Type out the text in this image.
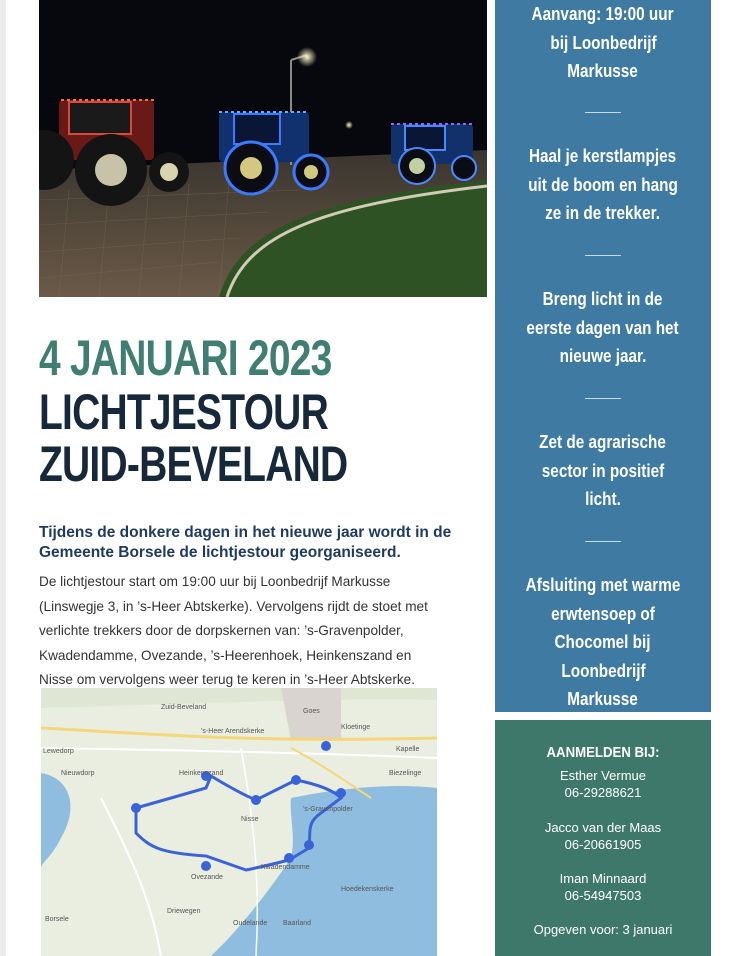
4 JANUARI 2023
LICHTJESTOUR
ZUID-BEVELAND
Tijdens de donkere dagen in het nieuwe jaar wordt in de Gemeente Borsele de lichtjestour georganiseerd.
De lichtjestour start om 19:00 uur bij Loonbedrijf Markusse
(Linswegje 3, in ’s-Heer Abtskerke). Vervolgens rijdt de stoet met
verlichte trekkers door de dorpskernen van: ’s-Gravenpolder,
Kwadendamme, Ovezande, ’s-Heerenhoek, Heinkenszand en
Nisse om vervolgens weer terug te keren in ’s-Heer Abtskerke.
Zuid-Beveland
Nieuwdorp	Heinkenszand
Nisse
Borsele
Ovezande
Kwadendamme
’s-Gravenpolder
Goes
Kapelle
Biezelinge
Driewegen
Oudelande Baarland
Hoedekenskerke
Kloetinge
’s-Heer Arendskerke
Lewedorp
Aanvang: 19:00 uur
bij Loonbedrijf
Markusse
Haal je kerstlampjes
uit de boom en hang
ze in de trekker.
Breng licht in de
eerste dagen van het
nieuwe jaar.
Zet de agrarische
sector in positief
licht.
Afsluiting met warme
erwtensoep of
Chocomel bij
Loonbedrijf
Markusse
AANMELDEN BIJ:
Esther Vermue
06-29288621
Jacco van der Maas
06-20661905
Iman Minnaard
06-54947503
Opgeven voor: 3 januari
